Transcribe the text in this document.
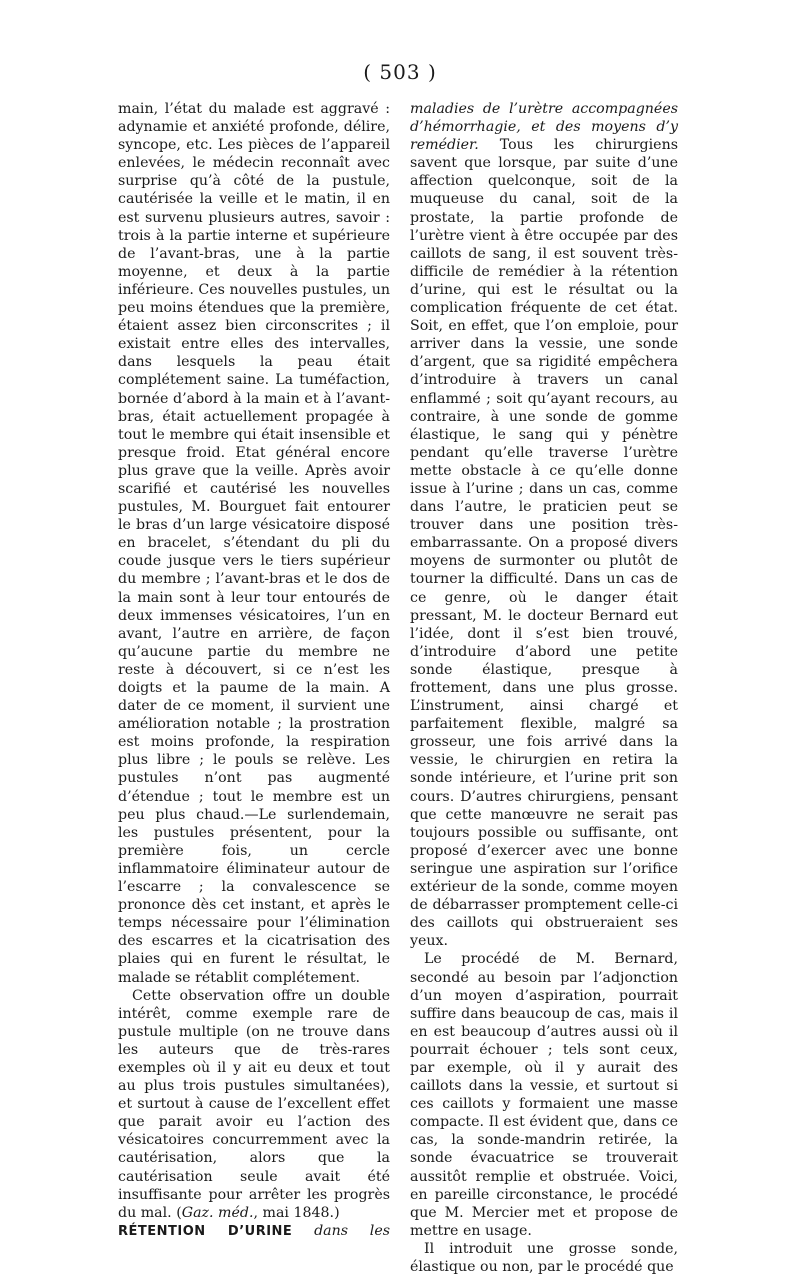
( 503 )

main, l’état du malade est aggravé : adynamie et anxiété profonde, délire, syncope, etc. Les pièces de l’appareil enlevées, le médecin reconnaît avec surprise qu’à côté de la pustule, cautérisée la veille et le matin, il en est survenu plusieurs autres, savoir : trois à la partie interne et supérieure de l’avant-bras, une à la partie moyenne, et deux à la partie inférieure. Ces nouvelles pustules, un peu moins étendues que la première, étaient assez bien circonscrites ; il existait entre elles des intervalles, dans lesquels la peau était complétement saine. La tuméfaction, bornée d’abord à la main et à l’avant-bras, était actuellement propagée à tout le membre qui était insensible et presque froid. Etat général encore plus grave que la veille. Après avoir scarifié et cautérisé les nouvelles pustules, M. Bourguet fait entourer le bras d’un large vésicatoire disposé en bracelet, s’étendant du pli du coude jusque vers le tiers supérieur du membre ; l’avant-bras et le dos de la main sont à leur tour entourés de deux immenses vésicatoires, l’un en avant, l’autre en arrière, de façon qu’aucune partie du membre ne reste à découvert, si ce n’est les doigts et la paume de la main. A dater de ce moment, il survient une amélioration notable ; la prostration est moins profonde, la respiration plus libre ; le pouls se relève. Les pustules n’ont pas augmenté d’étendue ; tout le membre est un peu plus chaud.—Le surlendemain, les pustules présentent, pour la première fois, un cercle inflammatoire éliminateur autour de l’escarre ; la convalescence se prononce dès cet instant, et après le temps nécessaire pour l’élimination des escarres et la cicatrisation des plaies qui en furent le résultat, le malade se rétablit complétement.

Cette observation offre un double intérêt, comme exemple rare de pustule multiple (on ne trouve dans les auteurs que de très-rares exemples où il y ait eu deux et tout au plus trois pustules simultanées), et surtout à cause de l’excellent effet que parait avoir eu l’action des vésicatoires concurremment avec la cautérisation, alors que la cautérisation seule avait été insuffisante pour arrêter les progrès du mal. (Gaz. méd., mai 1848.)

RÉTENTION D’URINE dans les

maladies de l’urètre accompagnées d’hémorrhagie, et des moyens d’y remédier. Tous les chirurgiens savent que lorsque, par suite d’une affection quelconque, soit de la muqueuse du canal, soit de la prostate, la partie profonde de l’urètre vient à être occupée par des caillots de sang, il est souvent très-difficile de remédier à la rétention d’urine, qui est le résultat ou la complication fréquente de cet état. Soit, en effet, que l’on emploie, pour arriver dans la vessie, une sonde d’argent, que sa rigidité empêchera d’introduire à travers un canal enflammé ; soit qu’ayant recours, au contraire, à une sonde de gomme élastique, le sang qui y pénètre pendant qu’elle traverse l’urètre mette obstacle à ce qu’elle donne issue à l’urine ; dans un cas, comme dans l’autre, le praticien peut se trouver dans une position très-embarrassante. On a proposé divers moyens de surmonter ou plutôt de tourner la difficulté. Dans un cas de ce genre, où le danger était pressant, M. le docteur Bernard eut l’idée, dont il s’est bien trouvé, d’introduire d’abord une petite sonde élastique, presque à frottement, dans une plus grosse. L’instrument, ainsi chargé et parfaitement flexible, malgré sa grosseur, une fois arrivé dans la vessie, le chirurgien en retira la sonde intérieure, et l’urine prit son cours. D’autres chirurgiens, pensant que cette manœuvre ne serait pas toujours possible ou suffisante, ont proposé d’exercer avec une bonne seringue une aspiration sur l’orifice extérieur de la sonde, comme moyen de débarrasser promptement celle-ci des caillots qui obstrueraient ses yeux.

Le procédé de M. Bernard, secondé au besoin par l’adjonction d’un moyen d’aspiration, pourrait suffire dans beaucoup de cas, mais il en est beaucoup d’autres aussi où il pourrait échouer ; tels sont ceux, par exemple, où il y aurait des caillots dans la vessie, et surtout si ces caillots y formaient une masse compacte. Il est évident que, dans ce cas, la sonde-mandrin retirée, la sonde évacuatrice se trouverait aussitôt remplie et obstruée. Voici, en pareille circonstance, le procédé que M. Mercier met et propose de mettre en usage.

Il introduit une grosse sonde, élastique ou non, par le procédé que
